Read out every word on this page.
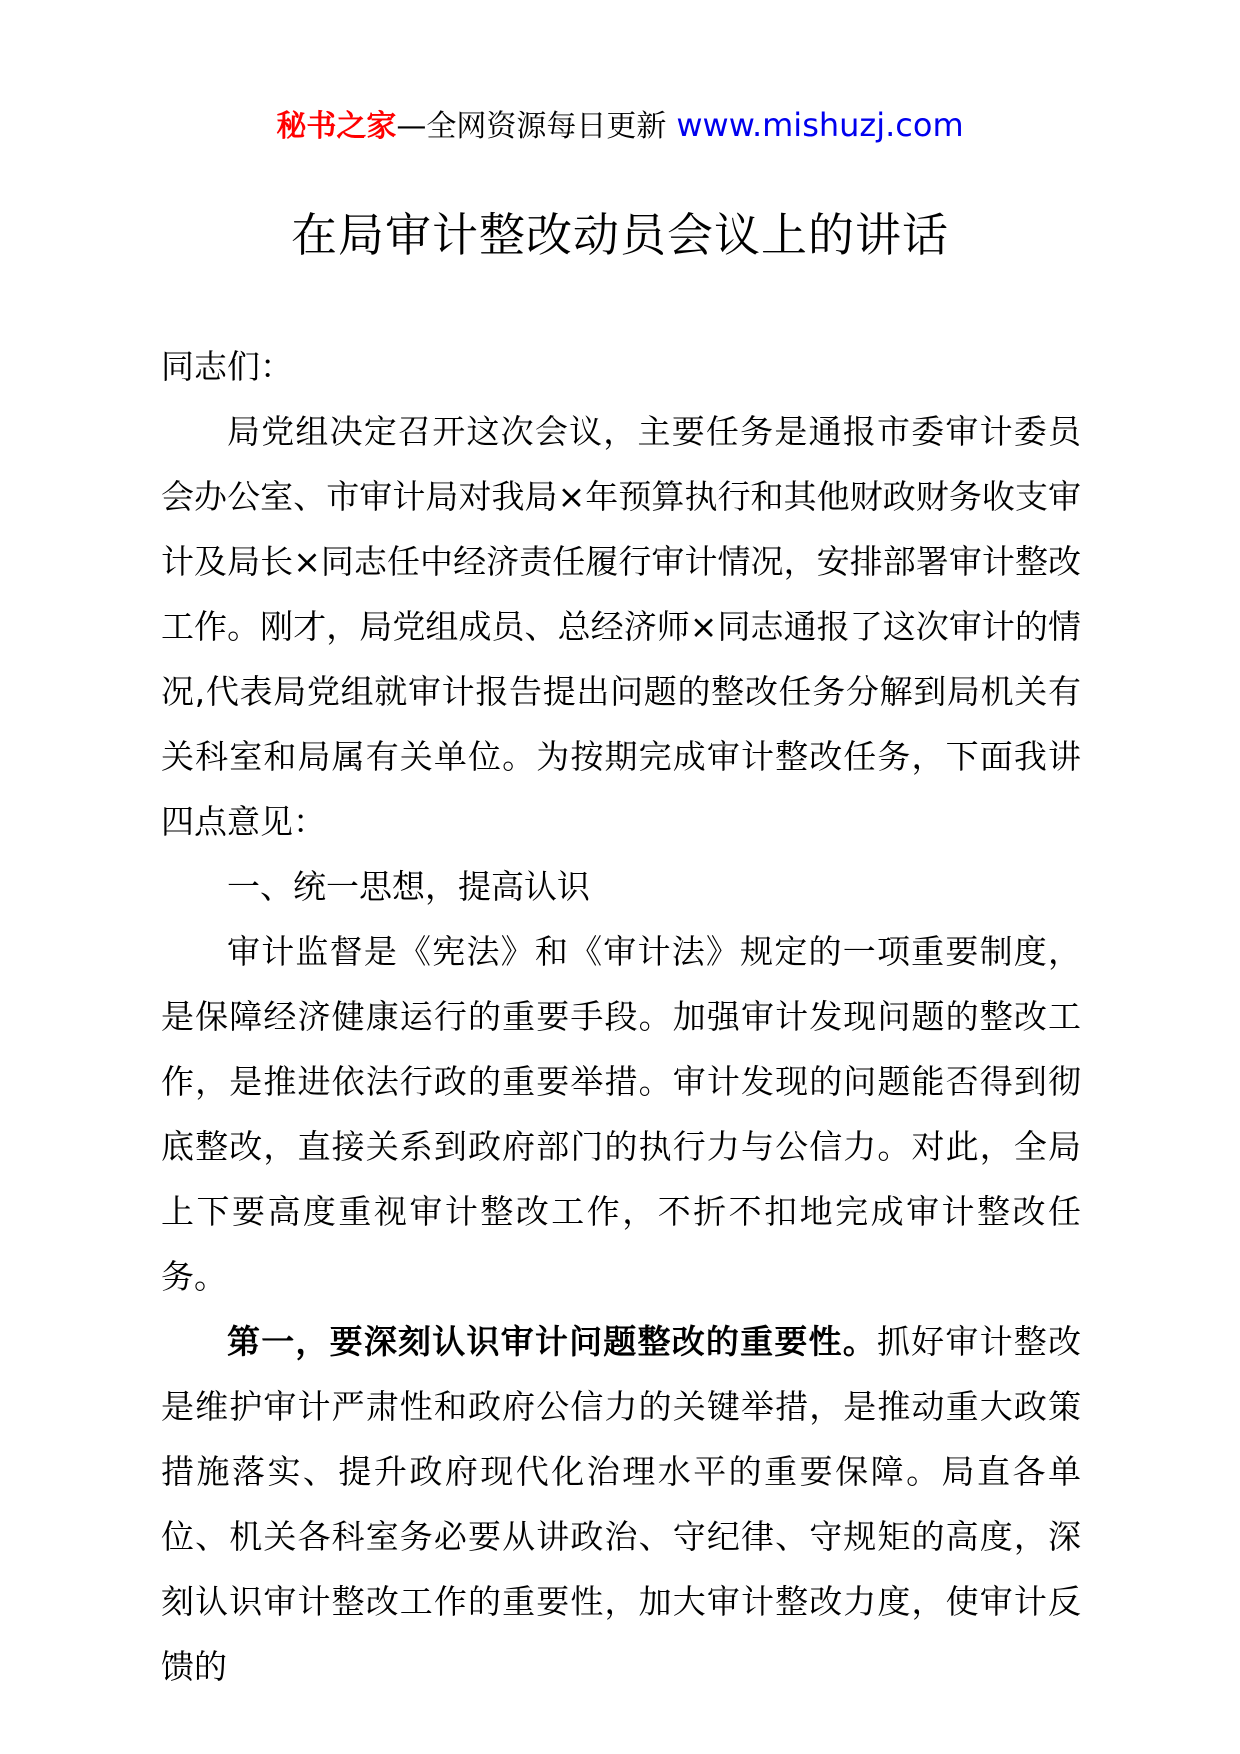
秘书之家—全网资源每日更新 www.mishuzj.com
在局审计整改动员会议上的讲话

同志们：

局党组决定召开这次会议，主要任务是通报市委审计委员会办公室、市审计局对我局×年预算执行和其他财政财务收支审计及局长×同志任中经济责任履行审计情况，安排部署审计整改工作。刚才，局党组成员、总经济师×同志通报了这次审计的情况,代表局党组就审计报告提出问题的整改任务分解到局机关有关科室和局属有关单位。为按期完成审计整改任务，下面我讲四点意见：

一、统一思想，提高认识

审计监督是《宪法》和《审计法》规定的一项重要制度，是保障经济健康运行的重要手段。加强审计发现问题的整改工作，是推进依法行政的重要举措。审计发现的问题能否得到彻底整改，直接关系到政府部门的执行力与公信力。对此，全局上下要高度重视审计整改工作，不折不扣地完成审计整改任务。

第一，要深刻认识审计问题整改的重要性。抓好审计整改是维护审计严肃性和政府公信力的关键举措，是推动重大政策措施落实、提升政府现代化治理水平的重要保障。局直各单位、机关各科室务必要从讲政治、守纪律、守规矩的高度，深刻认识审计整改工作的重要性，加大审计整改力度，使审计反馈的
